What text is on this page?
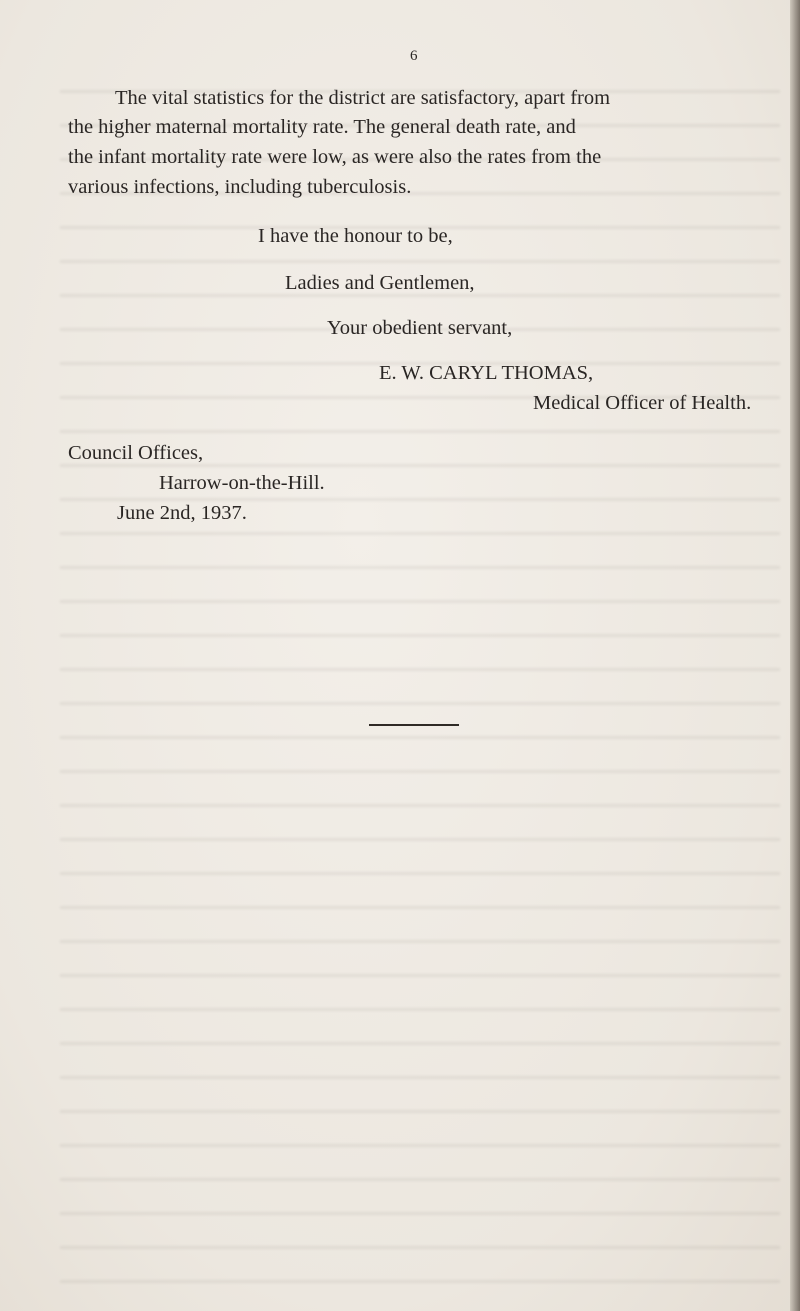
6
The vital statistics for the district are satisfactory, apart from
the higher maternal mortality rate. The general death rate, and
the infant mortality rate were low, as were also the rates from the
various infections, including tuberculosis.
I have the honour to be,
Ladies and Gentlemen,
Your obedient servant,
E. W. CARYL THOMAS,
Medical Officer of Health.
Council Offices,
Harrow-on-the-Hill.
June 2nd, 1937.
